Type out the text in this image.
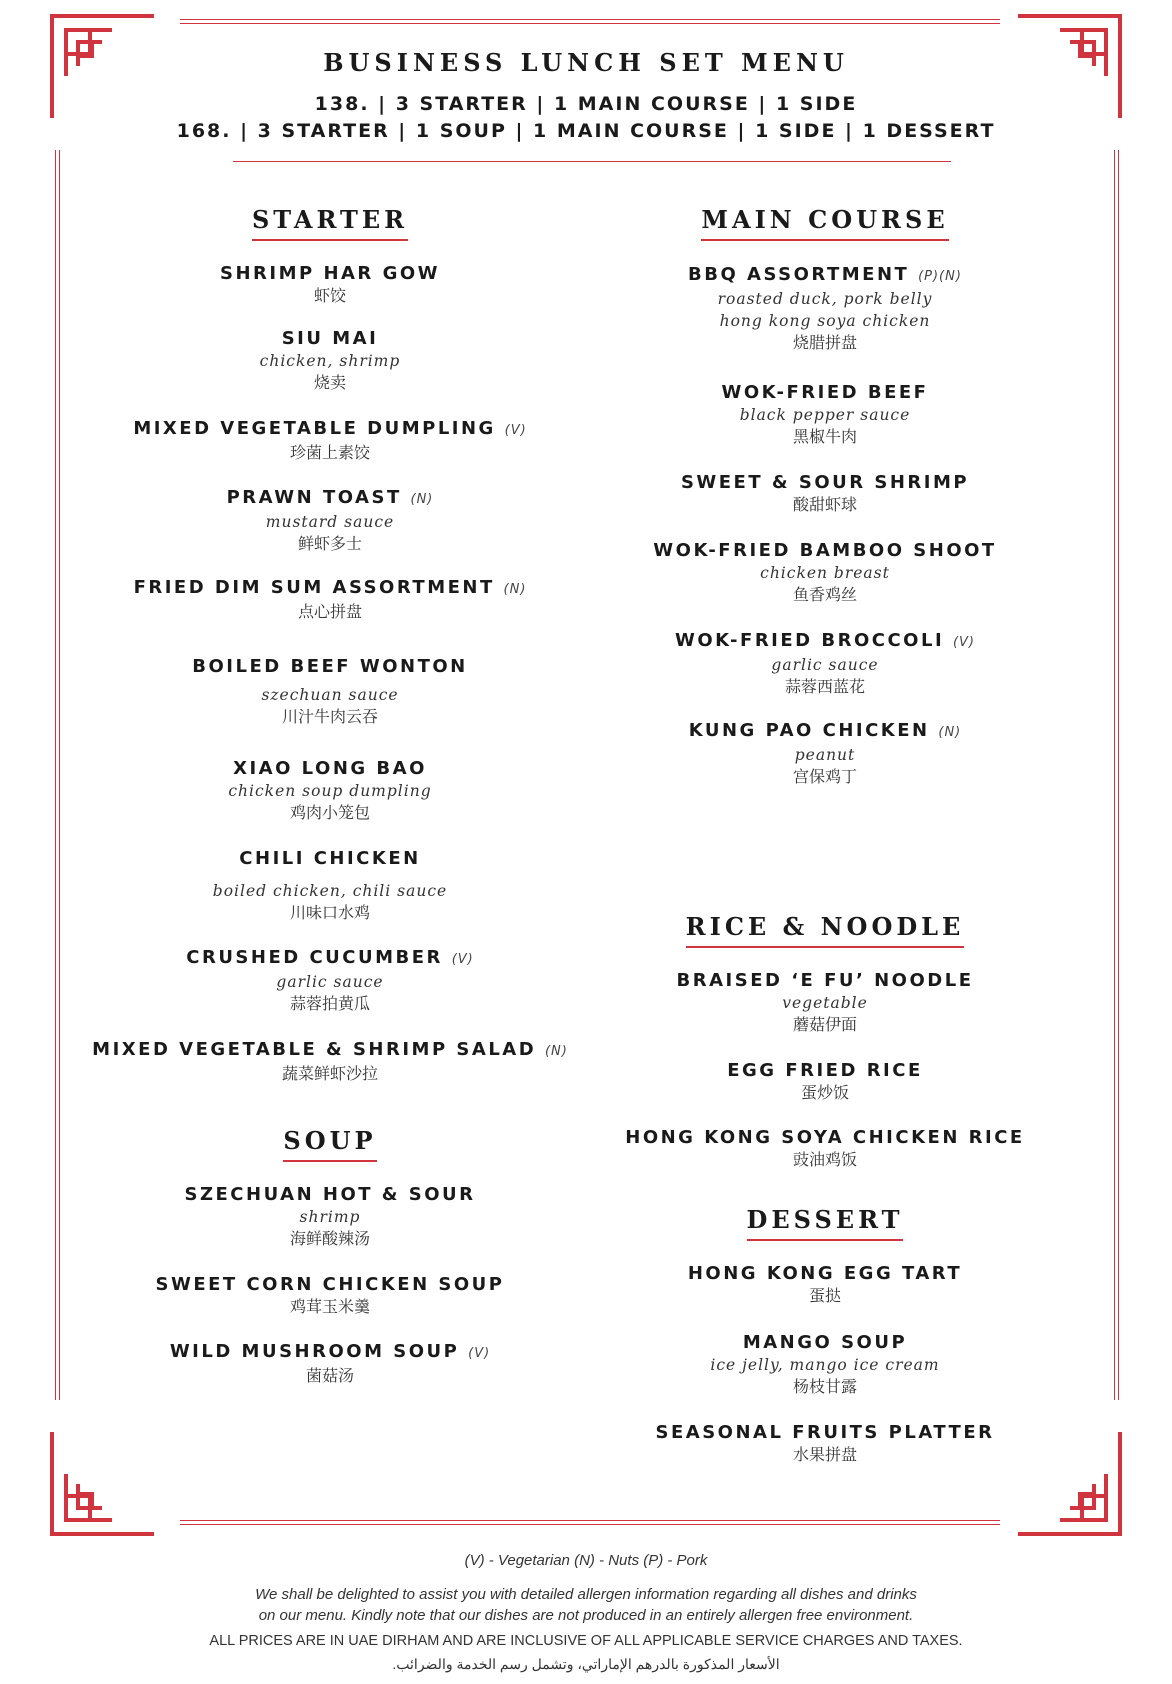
BUSINESS LUNCH SET MENU
138. | 3 STARTER | 1 MAIN COURSE | 1 SIDE
168. | 3 STARTER | 1 SOUP | 1 MAIN COURSE | 1 SIDE | 1 DESSERT
STARTER
SHRIMP HAR GOW
虾饺
SIU MAI
chicken, shrimp
烧卖
MIXED VEGETABLE DUMPLING (V)
珍菌上素饺
PRAWN TOAST (N)
mustard sauce
鲜虾多士
FRIED DIM SUM ASSORTMENT (N)
点心拼盘
BOILED BEEF WONTON
szechuan sauce
川汁牛肉云吞
XIAO LONG BAO
chicken soup dumpling
鸡肉小笼包
CHILI CHICKEN
boiled chicken, chili sauce
川味口水鸡
CRUSHED CUCUMBER (V)
garlic sauce
蒜蓉拍黄瓜
MIXED VEGETABLE & SHRIMP SALAD (N)
蔬菜鲜虾沙拉
SOUP
SZECHUAN HOT & SOUR
shrimp
海鲜酸辣汤
SWEET CORN CHICKEN SOUP
鸡茸玉米羹
WILD MUSHROOM SOUP (V)
菌菇汤
MAIN COURSE
BBQ ASSORTMENT (P)(N)
roasted duck, pork belly
hong kong soya chicken
烧腊拼盘
WOK-FRIED BEEF
black pepper sauce
黑椒牛肉
SWEET & SOUR SHRIMP
酸甜虾球
WOK-FRIED BAMBOO SHOOT
chicken breast
鱼香鸡丝
WOK-FRIED BROCCOLI (V)
garlic sauce
蒜蓉西蓝花
KUNG PAO CHICKEN (N)
peanut
宫保鸡丁
RICE & NOODLE
BRAISED ‘E FU’ NOODLE
vegetable
蘑菇伊面
EGG FRIED RICE
蛋炒饭
HONG KONG SOYA CHICKEN RICE
豉油鸡饭
DESSERT
HONG KONG EGG TART
蛋挞
MANGO SOUP
ice jelly, mango ice cream
杨枝甘露
SEASONAL FRUITS PLATTER
水果拼盘
(V) - Vegetarian (N) - Nuts (P) - Pork
We shall be delighted to assist you with detailed allergen information regarding all dishes and drinks
on our menu. Kindly note that our dishes are not produced in an entirely allergen free environment.
ALL PRICES ARE IN UAE DIRHAM AND ARE INCLUSIVE OF ALL APPLICABLE SERVICE CHARGES AND TAXES.
الأسعار المذكورة بالدرهم الإماراتي، وتشمل رسم الخدمة والضرائب.
